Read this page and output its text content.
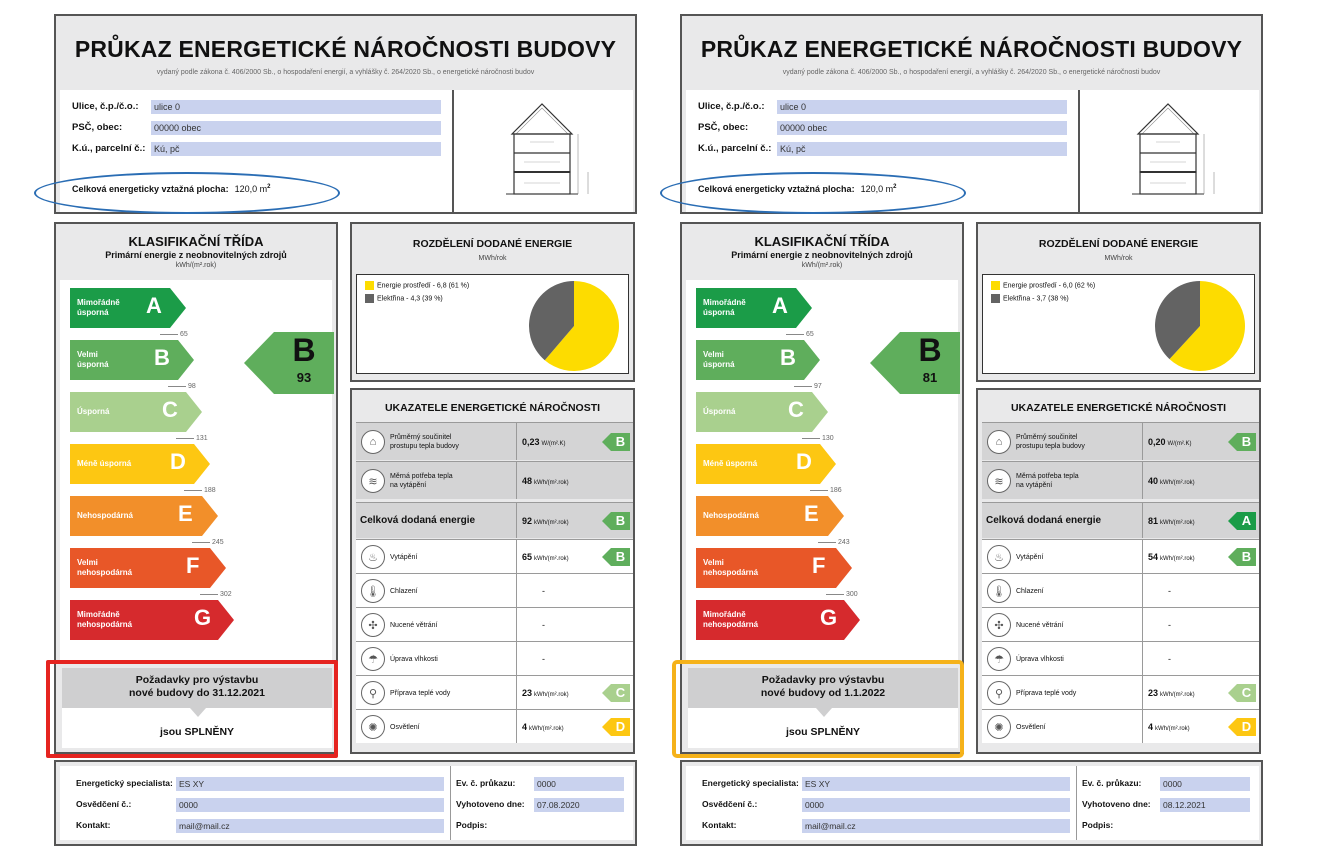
PRŮKAZ ENERGETICKÉ NÁROČNOSTI BUDOVY
vydaný podle zákona č. 406/2000 Sb., o hospodaření energií, a vyhlášky č. 264/2020 Sb., o energetické náročnosti budov
Ulice, č.p./č.o.:	ulice 0
PSČ, obec:	00000 obec
K.ú., parcelní č.: Kú, pč
Celková energeticky vztažná plocha: 120,0 $m^2$
KLASIFIKAČNÍ TŘÍDA
Primární energie z neobnovitelných zdrojů
kWh/(m².rok)
Mimořádně
úsporná	A
65
Velmi
úsporná B
98
Úsporná C
131
Méně úsporná D
188
Nehospodárná E
245
Velmi
nehospodárná F
302
Mimořádně
nehospodárná	G
B
93
Požadavky pro výstavbu
nové budovy do 31.12.2021
jsou SPLNĚNY
ROZDĚLENÍ DODANÉ ENERGIE
MWh/rok
Energie prostředí - 6,8 (61 %)
Elektřina - 4,3 (39 %)
UKAZATELE ENERGETICKÉ NÁROČNOSTI
⌂	Průměrný součinitel
prostupu tepla budovy	0,23 W/(m².K)	B
≋	Měrná potřeba tepla
na vytápění	48 kWh/(m².rok)
Celková dodaná energie	92 kWh/(m².rok)	B
♨	Vytápění	65 kWh/(m².rok)	B
🌡	Chlazení	-
✣	Nucené větrání	-
☂	Úprava vlhkosti	-
⚲	Příprava teplé vody	23 kWh/(m².rok)	C
✺	Osvětlení	4 kWh/(m².rok)	D
Energetický specialista: ES XY
Osvědčení č.:	0000
Kontakt:	mail@mail.cz
Ev. č. průkazu:	0000
Vyhotoveno dne:	07.08.2020
Podpis:
PRŮKAZ ENERGETICKÉ NÁROČNOSTI BUDOVY
vydaný podle zákona č. 406/2000 Sb., o hospodaření energií, a vyhlášky č. 264/2020 Sb., o energetické náročnosti budov
Ulice, č.p./č.o.:	ulice 0
PSČ, obec:	00000 obec
K.ú., parcelní č.: Kú, pč
Celková energeticky vztažná plocha: 120,0 $m^2$
KLASIFIKAČNÍ TŘÍDA
Primární energie z neobnovitelných zdrojů
kWh/(m².rok)
Mimořádně
úsporná	A
65
Velmi
úsporná B
97
Úsporná C
130
Méně úsporná D
186
Nehospodárná E
243
Velmi
nehospodárná F
300
Mimořádně
nehospodárná	G
B
81
Požadavky pro výstavbu
nové budovy od 1.1.2022
jsou SPLNĚNY
ROZDĚLENÍ DODANÉ ENERGIE
MWh/rok
Energie prostředí - 6,0 (62 %)
Elektřina - 3,7 (38 %)
UKAZATELE ENERGETICKÉ NÁROČNOSTI
⌂	Průměrný součinitel
prostupu tepla budovy	0,20 W/(m².K)	B
≋	Měrná potřeba tepla
na vytápění	40 kWh/(m².rok)
Celková dodaná energie	81 kWh/(m².rok)	A
♨	Vytápění	54 kWh/(m².rok)	B
🌡	Chlazení	-
✣	Nucené větrání	-
☂	Úprava vlhkosti	-
⚲	Příprava teplé vody	23 kWh/(m².rok)	C
✺	Osvětlení	4 kWh/(m².rok)	D
Energetický specialista: ES XY
Osvědčení č.:	0000
Kontakt:	mail@mail.cz
Ev. č. průkazu:	0000
Vyhotoveno dne:	08.12.2021
Podpis:
